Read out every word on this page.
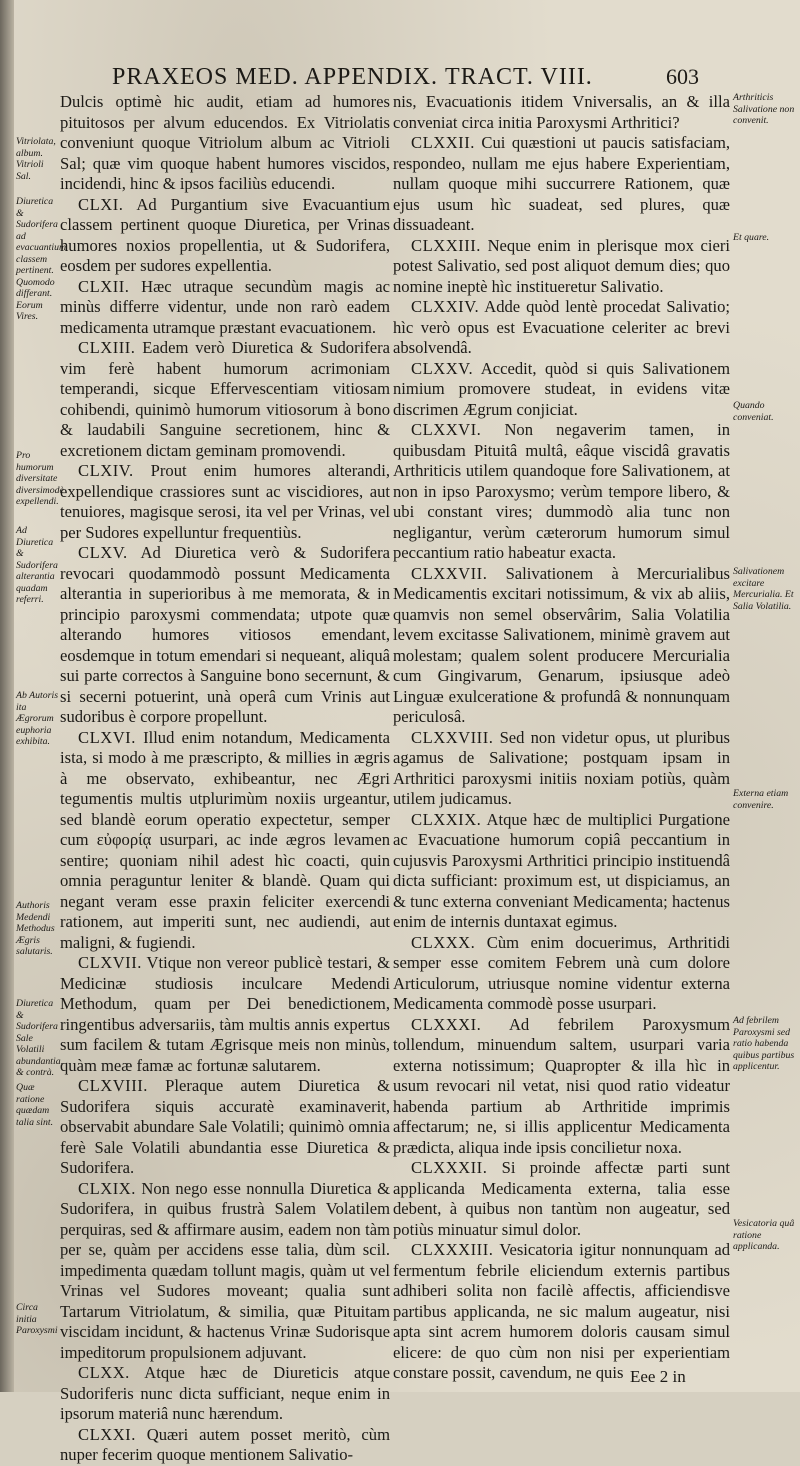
PRAXEOS MED. APPENDIX. TRACT. VIII.	603

Dulcis optimè hic audit, etiam ad humores pituitosos per alvum educendos. Ex Vitriolatis conveniunt quoque Vitriolum album ac Vitrioli Sal; quæ vim quoque habent humores viscidos, incidendi, hinc & ipsos faciliùs educendi.

CLXI. Ad Purgantium sive Evacuantium classem pertinent quoque Diuretica, per Vrinas humores noxios propellentia, ut & Sudorifera, eosdem per sudores expellentia.

CLXII. Hæc utraque secundùm magis ac minùs differre videntur, unde non rarò eadem medicamenta utramque præstant evacuationem.

CLXIII. Eadem verò Diuretica & Sudorifera vim ferè habent humorum acrimoniam temperandi, sicque Effervescentiam vitiosam cohibendi, quinimò humorum vitiosorum à bono & laudabili Sanguine secretionem, hinc & excretionem dictam geminam promovendi.

CLXIV. Prout enim humores alterandi, expellendique crassiores sunt ac viscidiores, aut tenuiores, magisque serosi, ita vel per Vrinas, vel per Sudores expelluntur frequentiùs.

CLXV. Ad Diuretica verò & Sudorifera revocari quodammodò possunt Medicamenta alterantia in superioribus à me memorata, & in principio paroxysmi commendata; utpote quæ alterando humores vitiosos emendant, eosdemque in totum emendari si nequeant, aliquâ sui parte correctos à Sanguine bono secernunt, & si secerni potuerint, unà operâ cum Vrinis aut sudoribus è corpore propellunt.

CLXVI. Illud enim notandum, Medicamenta ista, si modo à me præscripto, & millies in ægris à me observato, exhibeantur, nec Ægri tegumentis multis utplurimùm noxiis urgeantur, sed blandè eorum operatio expectetur, semper cum εὐφορίᾳ usurpari, ac inde ægros levamen sentire; quoniam nihil adest hìc coacti, quin omnia peraguntur leniter & blandè. Quam qui negant veram esse praxin feliciter exercendi rationem, aut imperiti sunt, nec audiendi, aut maligni, & fugiendi.

CLXVII. Vtique non vereor publicè testari, & Medicinæ studiosis inculcare Medendi Methodum, quam per Dei benedictionem, ringentibus adversariis, tàm multis annis expertus sum facilem & tutam Ægrisque meis non minùs, quàm meæ famæ ac fortunæ salutarem.

CLXVIII. Pleraque autem Diuretica & Sudorifera siquis accuratè examinaverit, observabit abundare Sale Volatili; quinimò omnia ferè Sale Volatili abundantia esse Diuretica & Sudorifera.

CLXIX. Non nego esse nonnulla Diuretica & Sudorifera, in quibus frustrà Salem Volatilem perquiras, sed & affirmare ausim, eadem non tàm per se, quàm per accidens esse talia, dùm scil. impedimenta quædam tollunt magis, quàm ut vel Vrinas vel Sudores moveant; qualia sunt Tartarum Vitriolatum, & similia, quæ Pituitam viscidam incidunt, & hactenus Vrinæ Sudorisque impeditorum propulsionem adjuvant.

CLXX. Atque hæc de Diureticis atque Sudoriferis nunc dicta sufficiant, neque enim in ipsorum materiâ nunc hærendum.

CLXXI. Quæri autem posset meritò, cùm nuper fecerim quoque mentionem Salivatio-

nis, Evacuationis itidem Vniversalis, an & illa conveniat circa initia Paroxysmi Arthritici?

CLXXII. Cui quæstioni ut paucis satisfaciam, respondeo, nullam me ejus habere Experientiam, nullam quoque mihi succurrere Rationem, quæ ejus usum hìc suadeat, sed plures, quæ dissuadeant.

CLXXIII. Neque enim in plerisque mox cieri potest Salivatio, sed post aliquot demum dies; quo nomine ineptè hìc institueretur Salivatio.

CLXXIV. Adde quòd lentè procedat Salivatio; hìc verò opus est Evacuatione celeriter ac brevi absolvendâ.

CLXXV. Accedit, quòd si quis Salivationem nimium promovere studeat, in evidens vitæ discrimen Ægrum conjiciat.

CLXXVI. Non negaverim tamen, in quibusdam Pituitâ multâ, eâque viscidâ gravatis Arthriticis utilem quandoque fore Salivationem, at non in ipso Paroxysmo; verùm tempore libero, & ubi constant vires; dummodò alia tunc non negligantur, verùm cæterorum humorum simul peccantium ratio habeatur exacta.

CLXXVII. Salivationem à Mercurialibus Medicamentis excitari notissimum, & vix ab aliis, quamvis non semel observârim, Salia Volatilia levem excitasse Salivationem, minimè gravem aut molestam; qualem solent producere Mercurialia cum Gingivarum, Genarum, ipsiusque adeò Linguæ exulceratione & profundâ & nonnunquam periculosâ.

CLXXVIII. Sed non videtur opus, ut pluribus agamus de Salivatione; postquam ipsam in Arthritici paroxysmi initiis noxiam potiùs, quàm utilem judicamus.

CLXXIX. Atque hæc de multiplici Purgatione ac Evacuatione humorum copiâ peccantium in cujusvis Paroxysmi Arthritici principio instituendâ dicta sufficiant: proximum est, ut dispiciamus, an & tunc externa conveniant Medicamenta; hactenus enim de internis duntaxat egimus.

CLXXX. Cùm enim docuerimus, Arthritidi semper esse comitem Febrem unà cum dolore Articulorum, utriusque nomine videntur externa Medicamenta commodè posse usurpari.

CLXXXI. Ad febrilem Paroxysmum tollendum, minuendum saltem, usurpari varia externa notissimum; Quapropter & illa hìc in usum revocari nil vetat, nisi quod ratio videatur habenda partium ab Arthritide imprimis affectarum; ne, si illis applicentur Medicamenta prædicta, aliqua inde ipsis concilietur noxa.

CLXXXII. Si proinde affectæ parti sunt applicanda Medicamenta externa, talia esse debent, à quibus non tantùm non augeatur, sed potiùs minuatur simul dolor.

CLXXXIII. Vesicatoria igitur nonnunquam ad fermentum febrile eliciendum externis partibus adhiberi solita non facilè affectis, afficiendisve partibus applicanda, ne sic malum augeatur, nisi apta sint acrem humorem doloris causam simul elicere: de quo cùm non nisi per experientiam constare possit, cavendum, ne quis

Vitriolata, album. Vitrioli Sal.
Diuretica & Sudorifera ad evacuantium classem pertinent. Quomodo differant. Eorum Vires.
Pro humorum diversitate diversimodè expellendi.
Ad Diuretica & Sudorifera alterantia quadam referri.
Ab Autoris ita Ægrorum euphoria exhibita.
Authoris Medendi Methodus Ægris salutaris.
Diuretica & Sudorifera Sale Volatili abundantia, & contrà.
Quæ ratione quædam talia sint.
Circa initia Paroxysmi
Arthriticis Salivatione non convenit.
Et quare.
Quando conveniat.
Salivationem excitare Mercurialia. Et Salia Volatilia.
Externa etiam convenire.
Ad febrilem Paroxysmi sed ratio habenda quibus partibus applicentur.
Vesicatoria quâ ratione applicanda.
Eee 2 in
